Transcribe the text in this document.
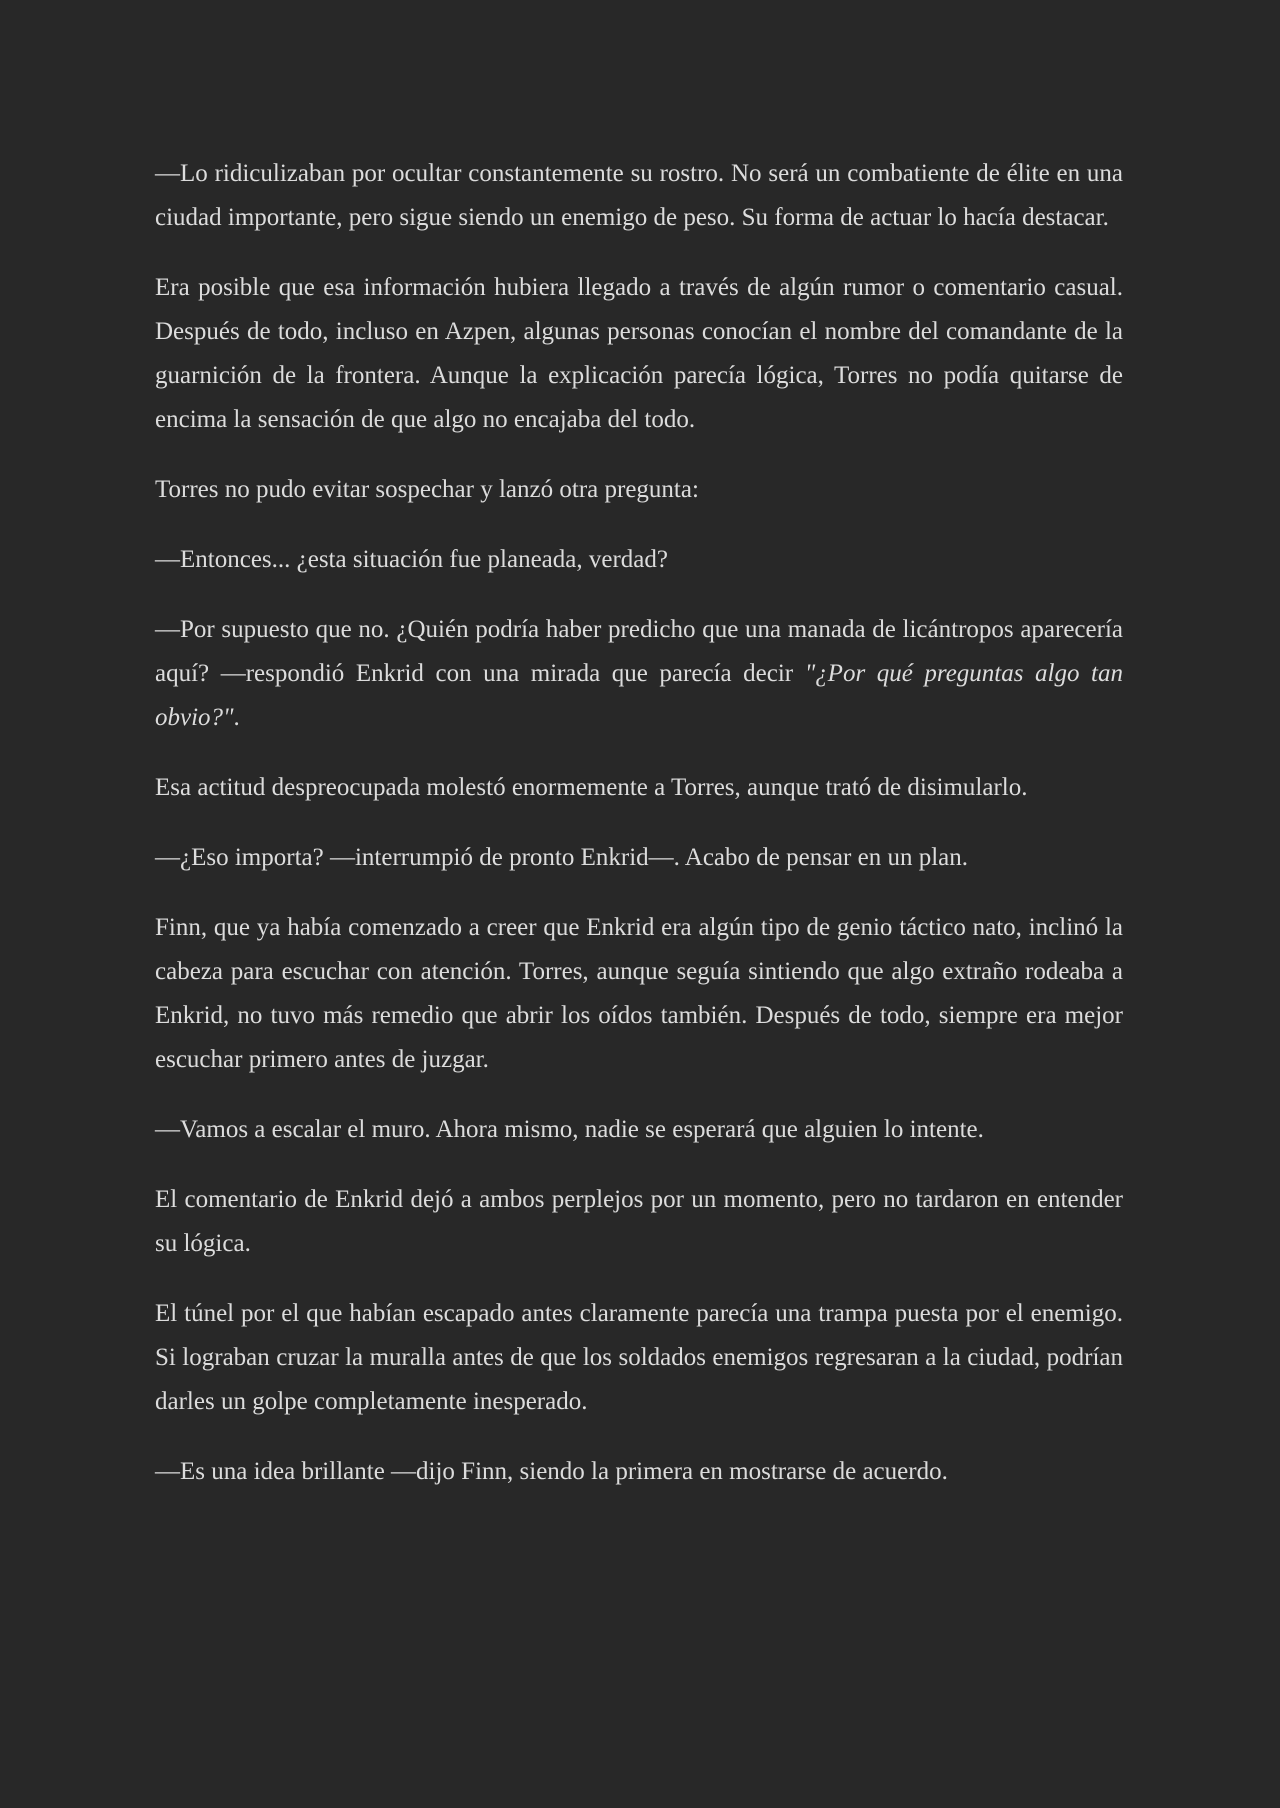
—Lo ridiculizaban por ocultar constantemente su rostro. No será un combatiente de élite en una ciudad importante, pero sigue siendo un enemigo de peso. Su forma de actuar lo hacía destacar.

Era posible que esa información hubiera llegado a través de algún rumor o comentario casual. Después de todo, incluso en Azpen, algunas personas conocían el nombre del comandante de la guarnición de la frontera. Aunque la explicación parecía lógica, Torres no podía quitarse de encima la sensación de que algo no encajaba del todo.

Torres no pudo evitar sospechar y lanzó otra pregunta:

—Entonces... ¿esta situación fue planeada, verdad?

—Por supuesto que no. ¿Quién podría haber predicho que una manada de licántropos aparecería aquí? —respondió Enkrid con una mirada que parecía decir "¿Por qué preguntas algo tan obvio?".

Esa actitud despreocupada molestó enormemente a Torres, aunque trató de disimularlo.

—¿Eso importa? —interrumpió de pronto Enkrid—. Acabo de pensar en un plan.

Finn, que ya había comenzado a creer que Enkrid era algún tipo de genio táctico nato, inclinó la cabeza para escuchar con atención. Torres, aunque seguía sintiendo que algo extraño rodeaba a Enkrid, no tuvo más remedio que abrir los oídos también. Después de todo, siempre era mejor escuchar primero antes de juzgar.

—Vamos a escalar el muro. Ahora mismo, nadie se esperará que alguien lo intente.

El comentario de Enkrid dejó a ambos perplejos por un momento, pero no tardaron en entender su lógica.

El túnel por el que habían escapado antes claramente parecía una trampa puesta por el enemigo. Si lograban cruzar la muralla antes de que los soldados enemigos regresaran a la ciudad, podrían darles un golpe completamente inesperado.

—Es una idea brillante —dijo Finn, siendo la primera en mostrarse de acuerdo.
